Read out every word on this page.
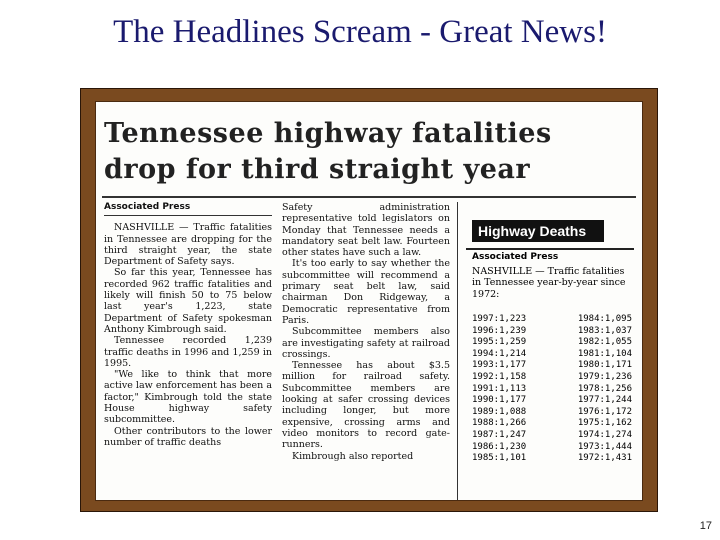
The Headlines Scream - Great News!
Tennessee highway fatalities
drop for third straight year
Associated Press

NASHVILLE — Traffic fatalities in Tennessee are dropping for the third straight year, the state Department of Safety says.

So far this year, Tennessee has recorded 962 traffic fatalities and likely will finish 50 to 75 below last year's 1,223, state Department of Safety spokesman Anthony Kimbrough said.

Tennessee recorded 1,239 traffic deaths in 1996 and 1,259 in 1995.

"We like to think that more active law enforcement has been a factor," Kimbrough told the state House highway safety subcommittee.

Other contributors to the lower number of traffic deaths

Safety administration representative told legislators on Monday that Tennessee needs a mandatory seat belt law. Fourteen other states have such a law.

It's too early to say whether the subcommittee will recommend a primary seat belt law, said chairman Don Ridgeway, a Democratic representative from Paris.

Subcommittee members also are investigating safety at railroad crossings.

Tennessee has about $3.5 million for railroad safety. Subcommittee members are looking at safer crossing devices including longer, but more expensive, crossing arms and video monitors to record gate-runners.

Kimbrough also reported

Highway Deaths
Associated Press

NASHVILLE — Traffic fatalities in Tennessee year-by-year since 1972:

1997:1,223
1996:1,239
1995:1,259
1994:1,214
1993:1,177
1992:1,158
1991:1,113
1990:1,177
1989:1,088
1988:1,266
1987:1,247
1986:1,230
1985:1,101
1984:1,095
1983:1,037
1982:1,055
1981:1,104
1980:1,171
1979:1,236
1978:1,256
1977:1,244
1976:1,172
1975:1,162
1974:1,274
1973:1,444
1972:1,431
17
